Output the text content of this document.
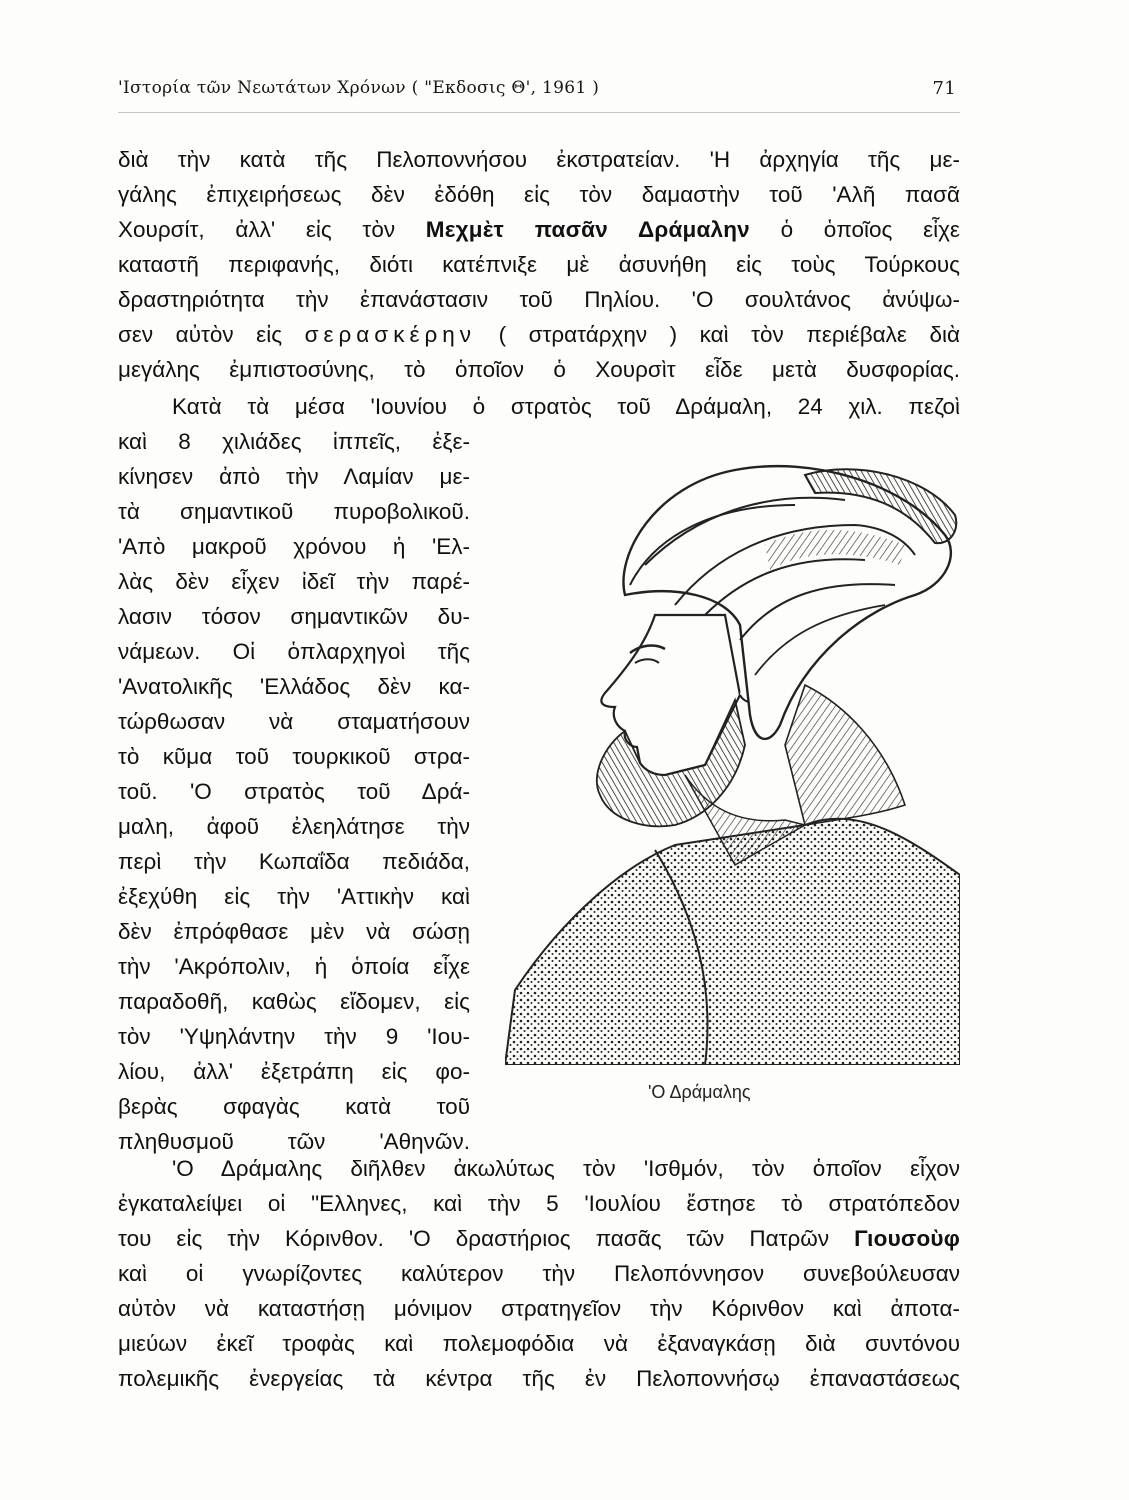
'Ιστορία τῶν Νεωτάτων Χρόνων ( "Εκδοσις Θ', 1961 )	71
διὰ τὴν κατὰ τῆς Πελοποννήσου ἐκστρατείαν. 'Η ἀρχηγία τῆς με-
γάλης ἐπιχειρήσεως δὲν ἐδόθη εἰς τὸν δαμαστὴν τοῦ 'Αλῆ πασᾶ
Χουρσίτ, ἀλλ' εἰς τὸν Μεχμὲτ πασᾶν Δράμαλην ὁ ὁποῖος εἶχε
καταστῆ περιφανής, διότι κατέπνιξε μὲ ἀσυνήθη εἰς τοὺς Τούρκους
δραστηριότητα τὴν ἐπανάστασιν τοῦ Πηλίου. 'Ο σουλτάνος ἀνύψω-
σεν αὐτὸν εἰς σερασκέρην ( στρατάρχην ) καὶ τὸν περιέβαλε διὰ
μεγάλης ἐμπιστοσύνης, τὸ ὁποῖον ὁ Χουρσὶτ εἶδε μετὰ δυσφορίας.
Κατὰ τὰ μέσα 'Ιουνίου ὁ στρατὸς τοῦ Δράμαλη, 24 χιλ. πεζοὶ
καὶ 8 χιλιάδες ἱππεῖς, ἐξε-
κίνησεν ἀπὸ τὴν Λαμίαν με-
τὰ σημαντικοῦ πυροβολικοῦ.
'Απὸ μακροῦ χρόνου ἡ 'Ελ-
λὰς δὲν εἶχεν ἰδεῖ τὴν παρέ-
λασιν τόσον σημαντικῶν δυ-
νάμεων. Οἱ ὁπλαρχηγοὶ τῆς
'Ανατολικῆς 'Ελλάδος δὲν κα-
τώρθωσαν νὰ σταματήσουν
τὸ κῦμα τοῦ τουρκικοῦ στρα-
τοῦ. 'Ο στρατὸς τοῦ Δρά-
μαλη, ἀφοῦ ἐλεηλάτησε τὴν
περὶ τὴν Κωπαΐδα πεδιάδα,
ἐξεχύθη εἰς τὴν 'Αττικὴν καὶ
δὲν ἐπρόφθασε μὲν νὰ σώσῃ
τὴν 'Ακρόπολιν, ἡ ὁποία εἶχε
παραδοθῆ, καθὼς εἴδομεν, εἰς
τὸν 'Υψηλάντην τὴν 9 'Ιου-
λίου, ἀλλ' ἐξετράπη εἰς φο-
βερὰς σφαγὰς κατὰ τοῦ
πληθυσμοῦ τῶν 'Αθηνῶν.
'Ο Δράμαλης διῆλθεν ἀκωλύτως τὸν 'Ισθμόν, τὸν ὁποῖον εἶχον
ἐγκαταλείψει οἱ "Ελληνες, καὶ τὴν 5 'Ιουλίου ἔστησε τὸ στρατόπεδον
του εἰς τὴν Κόρινθον. 'Ο δραστήριος πασᾶς τῶν Πατρῶν Γιουσοὺφ
καὶ οἱ γνωρίζοντες καλύτερον τὴν Πελοπόννησον συνεβούλευσαν
αὐτὸν νὰ καταστήσῃ μόνιμον στρατηγεῖον τὴν Κόρινθον καὶ ἀποτα-
μιεύων ἐκεῖ τροφὰς καὶ πολεμοφόδια νὰ ἐξαναγκάσῃ διὰ συντόνου
πολεμικῆς ἐνεργείας τὰ κέντρα τῆς ἐν Πελοποννήσῳ ἐπαναστάσεως
'Ο Δράμαλης
